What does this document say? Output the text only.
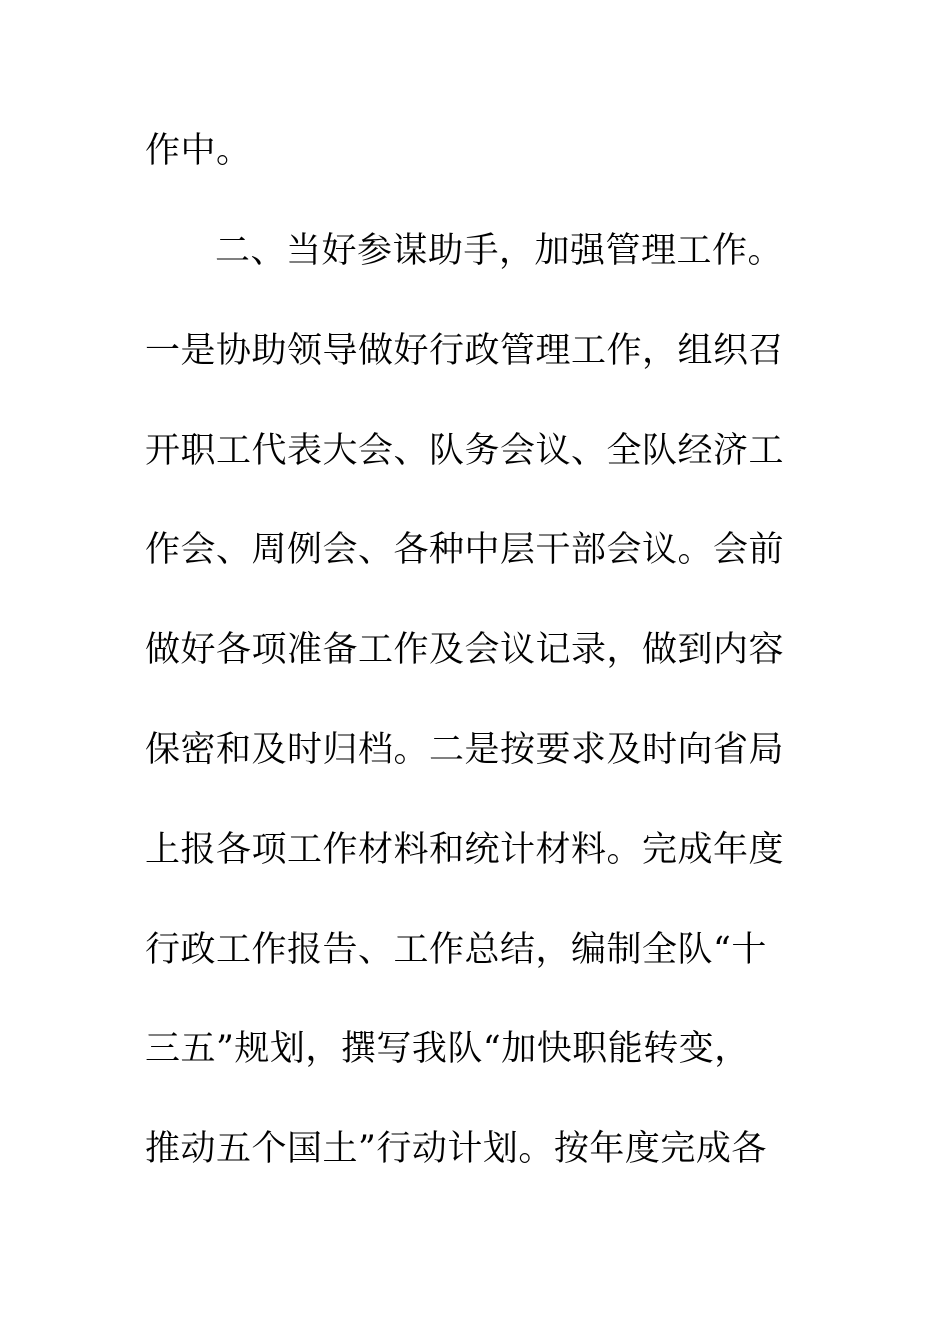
作中。
二、当好参谋助手，加强管理工作。
一是协助领导做好行政管理工作，组织召
开职工代表大会、队务会议、全队经济工
作会、周例会、各种中层干部会议。会前
做好各项准备工作及会议记录，做到内容
保密和及时归档。二是按要求及时向省局
上报各项工作材料和统计材料。完成年度
行政工作报告、工作总结，编制全队“十
三五”规划，撰写我队“加快职能转变，
推动五个国土”行动计划。按年度完成各
